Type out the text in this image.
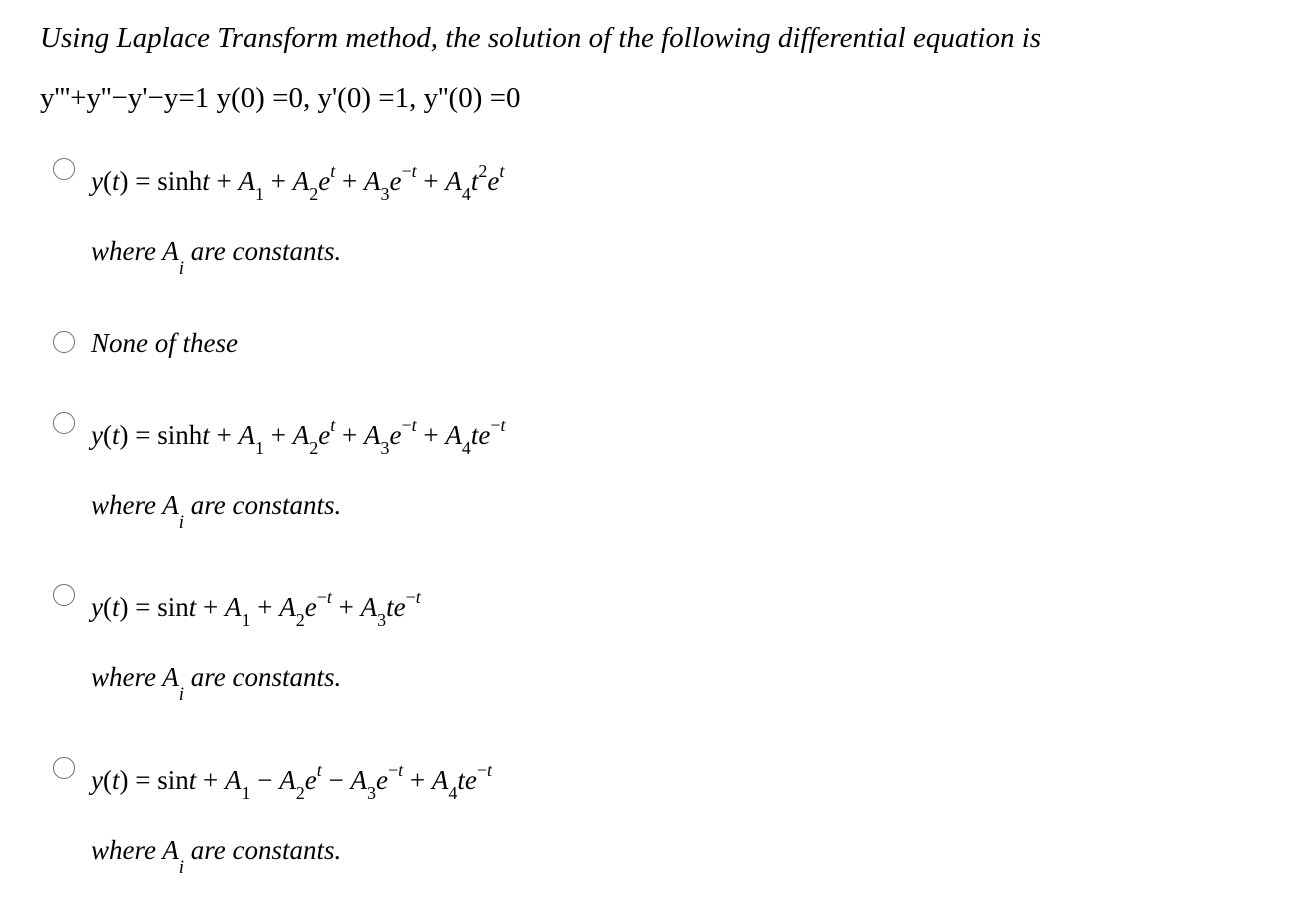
Using Laplace Transform method, the solution of the following differential equation is
y'''+y''−y'−y=1 y(0) =0, y'(0) =1, y''(0) =0
$y(t) = \sinh t + A_1 + A_2e^t + A_3e^{-t} + A_4t^2e^t$
where $A_i$ are constants.
None of these
$y(t) = \sinh t + A_1 + A_2e^t + A_3e^{-t} + A_4te^{-t}$
where $A_i$ are constants.
$y(t) = \sin t + A_1 + A_2e^{-t} + A_3te^{-t}$
where $A_i$ are constants.
$y(t) = \sin t + A_1 - A_2e^t - A_3e^{-t} + A_4te^{-t}$
where $A_i$ are constants.
